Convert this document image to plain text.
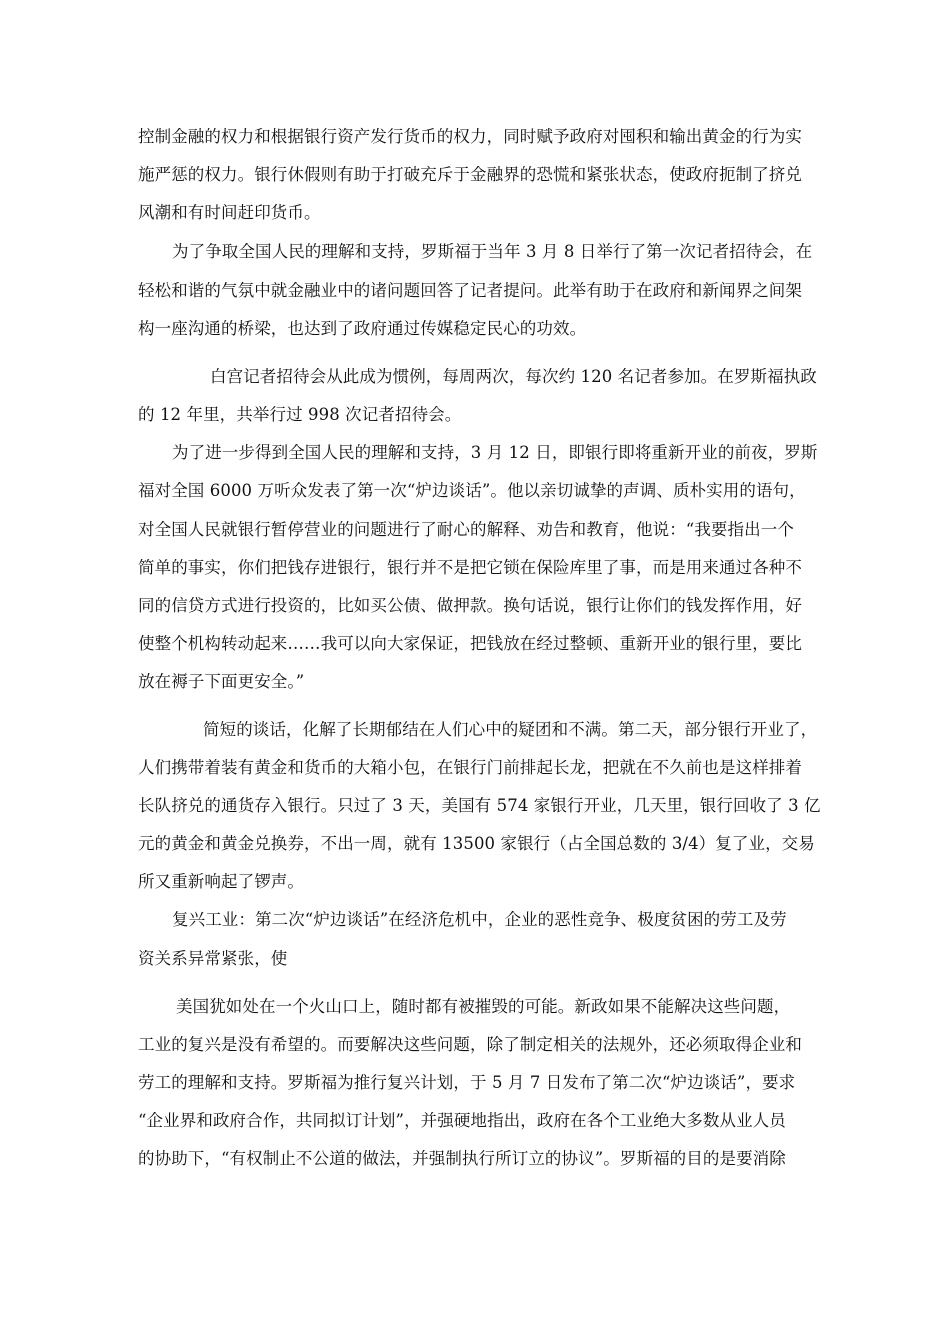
控制金融的权力和根据银行资产发行货币的权力，同时赋予政府对囤积和输出黄金的行为实
施严惩的权力。银行休假则有助于打破充斥于金融界的恐慌和紧张状态，使政府扼制了挤兑
风潮和有时间赶印货币。
为了争取全国人民的理解和支持，罗斯福于当年 3 月 8 日举行了第一次记者招待会，在
轻松和谐的气氛中就金融业中的诸问题回答了记者提问。此举有助于在政府和新闻界之间架
构一座沟通的桥梁，也达到了政府通过传媒稳定民心的功效。
白宫记者招待会从此成为惯例，每周两次，每次约 120 名记者参加。在罗斯福执政
的 12 年里，共举行过 998 次记者招待会。
为了进一步得到全国人民的理解和支持，3 月 12 日，即银行即将重新开业的前夜，罗斯
福对全国 6000 万听众发表了第一次“炉边谈话”。他以亲切诚挚的声调、质朴实用的语句，
对全国人民就银行暂停营业的问题进行了耐心的解释、劝告和教育，他说：“我要指出一个
简单的事实，你们把钱存进银行，银行并不是把它锁在保险库里了事，而是用来通过各种不
同的信贷方式进行投资的，比如买公债、做押款。换句话说，银行让你们的钱发挥作用，好
使整个机构转动起来……我可以向大家保证，把钱放在经过整顿、重新开业的银行里，要比
放在褥子下面更安全。”
简短的谈话，化解了长期郁结在人们心中的疑团和不满。第二天，部分银行开业了，
人们携带着装有黄金和货币的大箱小包，在银行门前排起长龙，把就在不久前也是这样排着
长队挤兑的通货存入银行。只过了 3 天，美国有 574 家银行开业，几天里，银行回收了 3 亿
元的黄金和黄金兑换券，不出一周，就有 13500 家银行（占全国总数的 3/4）复了业，交易
所又重新响起了锣声。
复兴工业：第二次“炉边谈话”在经济危机中，企业的恶性竞争、极度贫困的劳工及劳
资关系异常紧张，使
美国犹如处在一个火山口上，随时都有被摧毁的可能。新政如果不能解决这些问题，
工业的复兴是没有希望的。而要解决这些问题，除了制定相关的法规外，还必须取得企业和
劳工的理解和支持。罗斯福为推行复兴计划，于 5 月 7 日发布了第二次“炉边谈话”，要求
“企业界和政府合作，共同拟订计划”，并强硬地指出，政府在各个工业绝大多数从业人员
的协助下，“有权制止不公道的做法，并强制执行所订立的协议”。罗斯福的目的是要消除
